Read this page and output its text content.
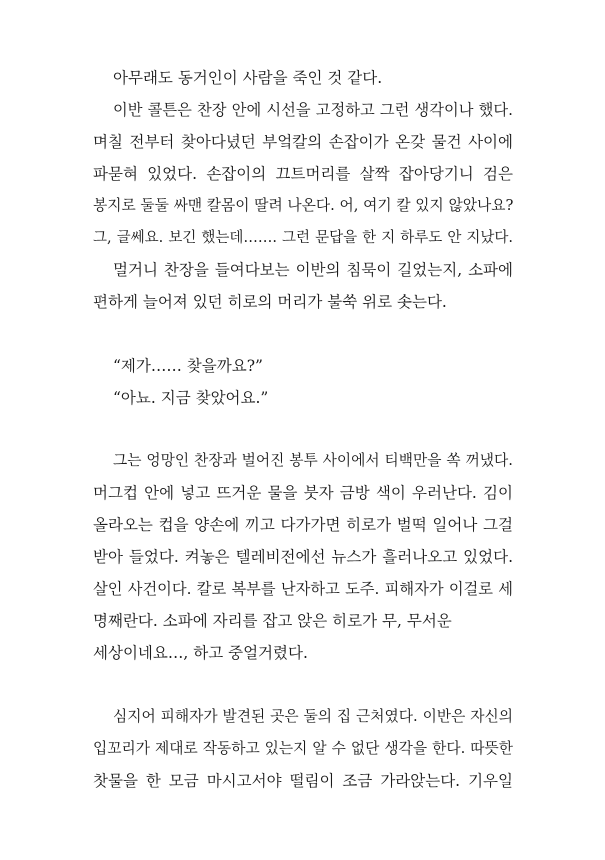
아무래도 동거인이 사람을 죽인 것 같다.
이반 콜튼은 찬장 안에 시선을 고정하고 그런 생각이나 했다.
며칠 전부터 찾아다녔던 부엌칼의 손잡이가 온갖 물건 사이에
파묻혀 있었다. 손잡이의 끄트머리를 살짝 잡아당기니 검은
봉지로 둘둘 싸맨 칼몸이 딸려 나온다. 어, 여기 칼 있지 않았나요?
그, 글쎄요. 보긴 했는데……. 그런 문답을 한 지 하루도 안 지났다.
멀거니 찬장을 들여다보는 이반의 침묵이 길었는지, 소파에
편하게 늘어져 있던 히로의 머리가 불쑥 위로 솟는다.
“제가…… 찾을까요?”
“아뇨. 지금 찾았어요.”
그는 엉망인 찬장과 벌어진 봉투 사이에서 티백만을 쏙 꺼냈다.
머그컵 안에 넣고 뜨거운 물을 붓자 금방 색이 우러난다. 김이
올라오는 컵을 양손에 끼고 다가가면 히로가 벌떡 일어나 그걸
받아 들었다. 켜놓은 텔레비전에선 뉴스가 흘러나오고 있었다.
살인 사건이다. 칼로 복부를 난자하고 도주. 피해자가 이걸로 세
명째란다. 소파에 자리를 잡고 앉은 히로가 무, 무서운
세상이네요…, 하고 중얼거렸다.
심지어 피해자가 발견된 곳은 둘의 집 근처였다. 이반은 자신의
입꼬리가 제대로 작동하고 있는지 알 수 없단 생각을 한다. 따뜻한
찻물을 한 모금 마시고서야 떨림이 조금 가라앉는다. 기우일
